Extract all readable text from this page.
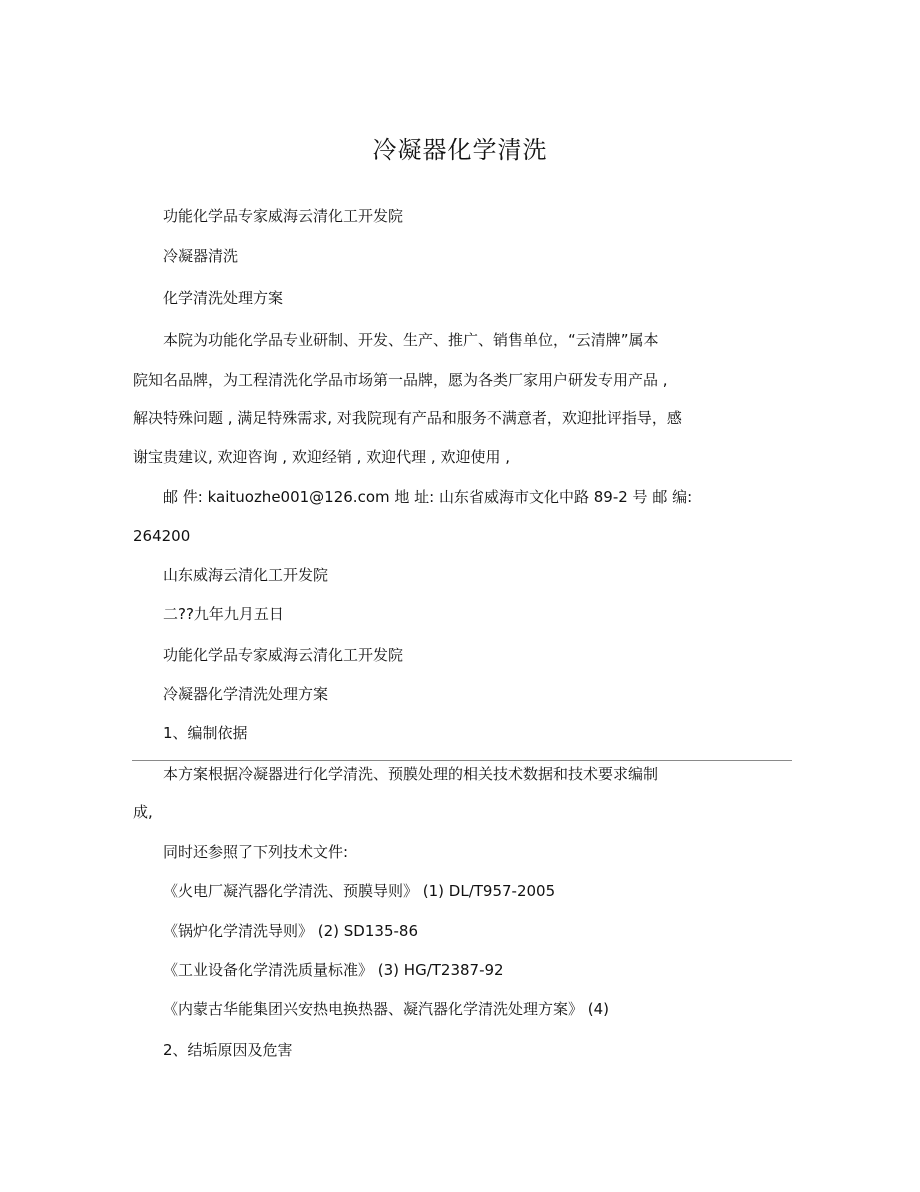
冷凝器化学清洗

功能化学品专家威海云清化工开发院

冷凝器清洗

化学清洗处理方案

本院为功能化学品专业研制、开发、生产、推广、销售单位，“云清牌”属本

院知名品牌，为工程清洗化学品市场第一品牌，愿为各类厂家用户研发专用产品 ,

解决特殊问题 , 满足特殊需求, 对我院现有产品和服务不满意者，欢迎批评指导，感

谢宝贵建议, 欢迎咨询 , 欢迎经销 , 欢迎代理 , 欢迎使用 ,

邮 件: kaituozhe001@126.com 地 址: 山东省威海市文化中路 89-2 号 邮 编:

264200

山东威海云清化工开发院

二??九年九月五日

功能化学品专家威海云清化工开发院

冷凝器化学清洗处理方案

1、编制依据

本方案根据冷凝器进行化学清洗、预膜处理的相关技术数据和技术要求编制

成,

同时还参照了下列技术文件:

《火电厂凝汽器化学清洗、预膜导则》 (1) DL/T957-2005

《锅炉化学清洗导则》 (2) SD135-86

《工业设备化学清洗质量标准》 (3) HG/T2387-92

《内蒙古华能集团兴安热电换热器、凝汽器化学清洗处理方案》 (4)

2、结垢原因及危害
